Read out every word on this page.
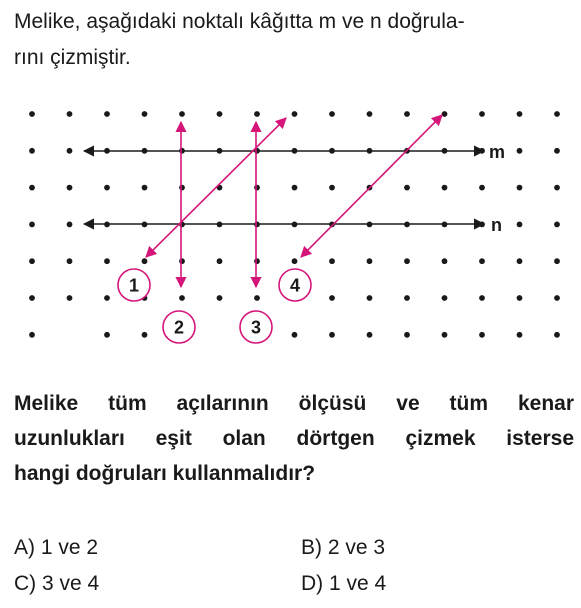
Melike, aşağıdaki noktalı kâğıtta m ve n doğrula-
rını çizmiştir.
m
n
1
2	3
4
Melike tüm açılarının ölçüsü ve tüm kenar
uzunlukları eşit olan dörtgen çizmek isterse
hangi doğruları kullanmalıdır?
A) 1 ve 2	B) 2 ve 3
C) 3 ve 4	D) 1 ve 4
